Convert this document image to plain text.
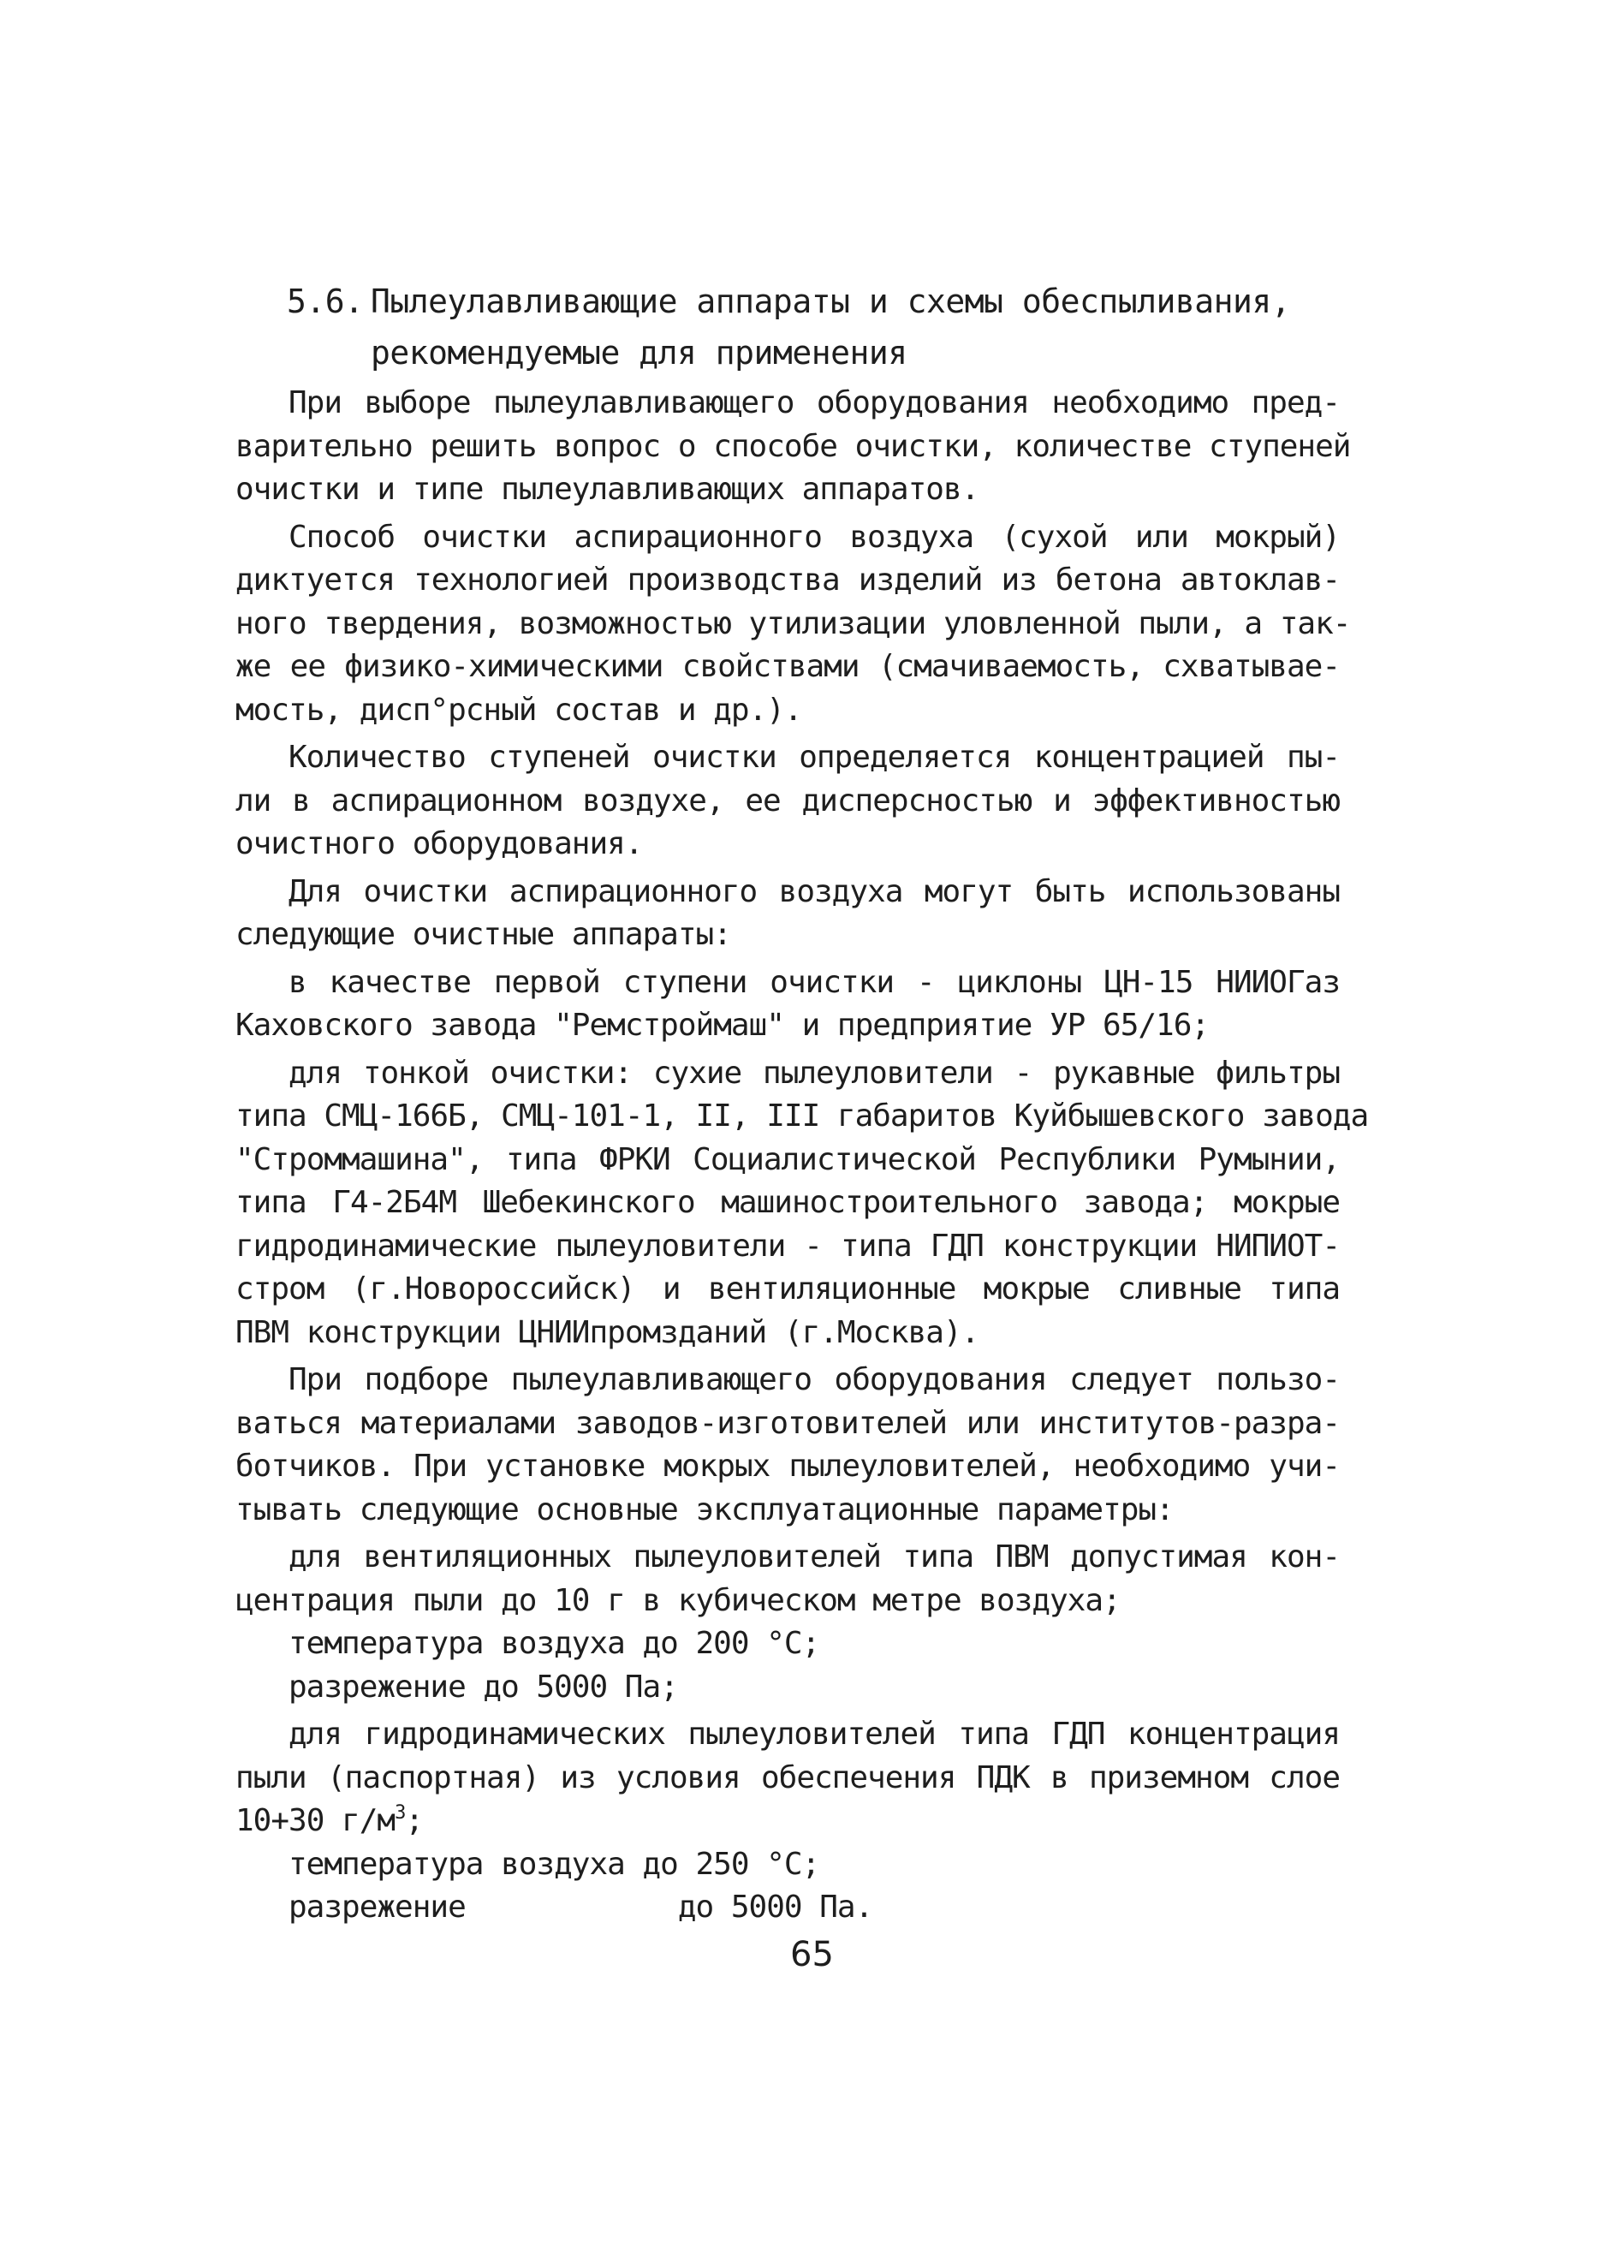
5.6. Пылеулавливающие аппараты и схемы обеспыливания,
рекомендуемые для применения
При выборе пылеулавливающего оборудования необходимо пред-
варительно решить вопрос о способе очистки, количестве ступеней
очистки и типе пылеулавливающих аппаратов.
Способ очистки аспирационного воздуха (сухой или мокрый)
диктуется технологией производства изделий из бетона автоклав-
ного твердения, возможностью утилизации уловленной пыли, а так-
же ее физико-химическими свойствами (смачиваемость, схватывае-
мость, дисп°рсный состав и др.).
Количество ступеней очистки определяется концентрацией пы-
ли в аспирационном воздухе, ее дисперсностью и эффективностью
очистного оборудования.
Для очистки аспирационного воздуха могут быть использованы
следующие очистные аппараты:
в качестве первой ступени очистки - циклоны ЦН-15 НИИОГаз
Каховского завода "Ремстроймаш" и предприятие УР 65/16;
для тонкой очистки: сухие пылеуловители - рукавные фильтры
типа СМЦ-166Б, СМЦ-101-1, II, III габаритов Куйбышевского завода
"Строммашина", типа ФРКИ Социалистической Республики Румынии,
типа Г4-2Б4М Шебекинского машиностроительного завода; мокрые
гидродинамические пылеуловители - типа ГДП конструкции НИПИОТ-
стром (г.Новороссийск) и вентиляционные мокрые сливные типа
ПВМ конструкции ЦНИИпромзданий (г.Москва).
При подборе пылеулавливающего оборудования следует пользо-
ваться материалами заводов-изготовителей или институтов-разра-
ботчиков. При установке мокрых пылеуловителей, необходимо учи-
тывать следующие основные эксплуатационные параметры:
для вентиляционных пылеуловителей типа ПВМ допустимая кон-
центрация пыли до 10 г в кубическом метре воздуха;
температура воздуха до 200 °С;
разрежение до 5000 Па;
для гидродинамических пылеуловителей типа ГДП концентрация
пыли (паспортная) из условия обеспечения ПДК в приземном слое
10+30 $г/м^3$;
температура воздуха до 250 °С;
разрежение            до 5000 Па.
65
